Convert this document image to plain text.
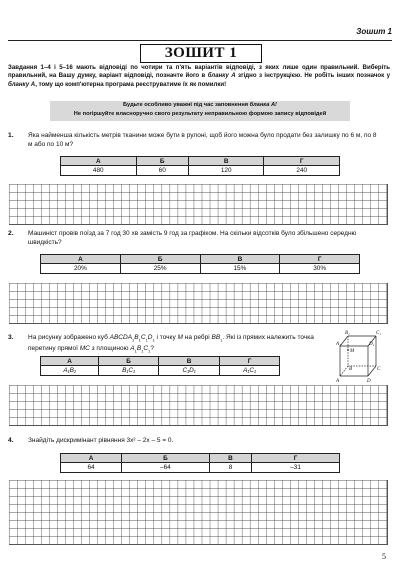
Зошит 1
ЗОШИТ 1
Завдання 1–4 і 5–16 мають відповіді по чотири та п'ять варіантів відповіді, з яких лише один правильний. Виберіть правильний, на Вашу думку, варіант відповіді, позначте його в бланку А згідно з інструкцією. Не робіть інших позначок у бланку А, тому що комп'ютерна програма реєструватиме їх як помилки!
Будьте особливо уважні під час заповнення бланка А!
Не погіршуйте власноручно свого результату неправильною формою запису відповідей
1. Яка найменша кількість метрів тканини може бути в рулоні, щоб його можна було продати без залишку по 6 м, по 8 м або по 10 м?
А	Б	В	Г
480	60	120	240
2. Машиніст провів поїзд за 7 год 30 хв замість 9 год за графіком. На скільки відсотків було збільшено середню швидкість?
А	Б	В	Г
20%	25%	15%	30%
3. На рисунку зображено куб $ABCDA_1B_1C_1D_1$ і точку M на ребрі $BB_1$. Які із прямих належить точка перетину прямої MC з площиною $A_1B_1C_1$?
А	Б	В	Г
A₁B₁	B₁C₁	C₁D₁	A₁C₁
B₁	C₁
A₁	D₁
M
B
A	D
C
4. Знайдіть дискримінант рівняння 3x² – 2x – 5 = 0.
А	Б	В	Г
64	–64	8	–31
5
